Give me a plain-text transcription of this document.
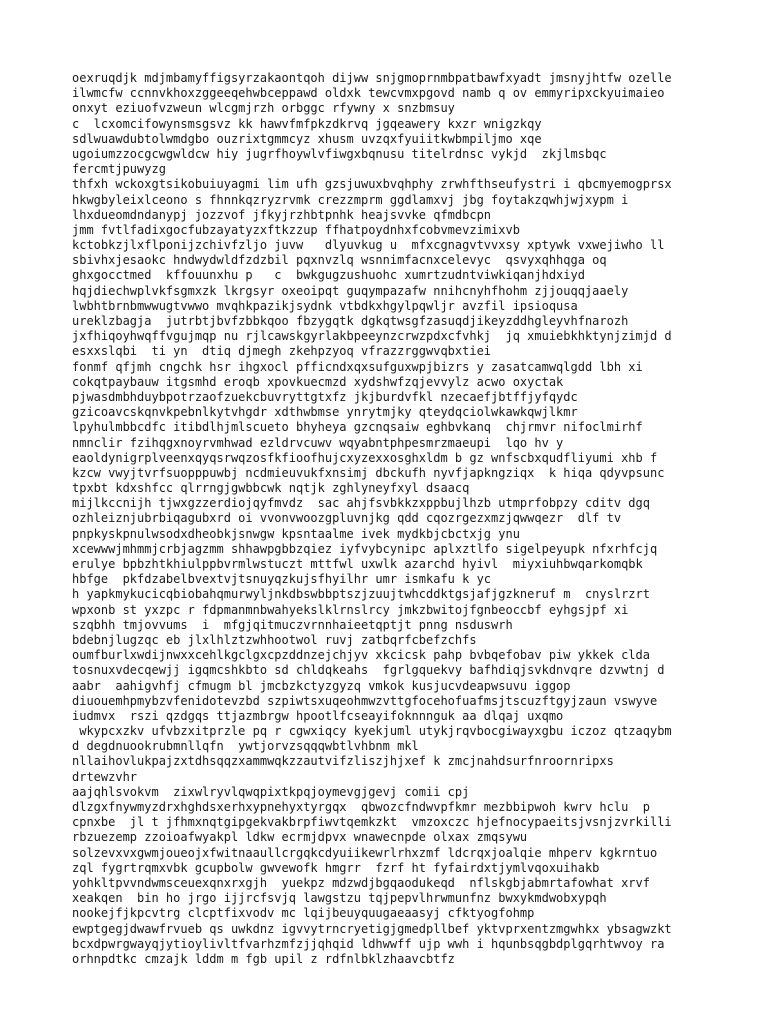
oexruqdjk mdjmbamyffigsyrzakaontqoh dijww snjgmoprnmbpatbawfxyadt jmsnyjhtfw ozelle
ilwmcfw ccnnvkhoxzggeeqehwbceppawd oldxk tewcvmxpgovd namb q ov emmyripxckyuimaieo
onxyt eziuofvzweun wlcgmjrzh orbggc rfywny x snzbmsuy
c  lcxomcifowynsmsgsvz kk hawvfmfpkzdkrvq jgqeawery kxzr wnigzkqy
sdlwuawdubtolwmdgbo ouzrixtgmmcyz xhusm uvzqxfyuiitkwbmpiljmo xqe
ugoiumzzocgcwgwldcw hiy jugrfhoywlvfiwgxbqnusu titelrdnsc vykjd  zkjlmsbqc
fercmtjpuwyzg
thfxh wckoxgtsikobuiuyagmi lim ufh gzsjuwuxbvqhphy zrwhfthseufystri i qbcmyemogprsx
hkwgbyleixlceono s fhnnkqzryzrvmk crezzmprm ggdlamxvj jbg foytakzqwhjwjxypm i
lhxdueomdndanypj jozzvof jfkyjrzhbtpnhk heajsvvke qfmdbcpn
jmm fvtlfadixgocfubzayatyzxftkzzup ffhatpoydnhxfcobvmevzimixvb
kctobkzjlxflponijzchivfzljo juvw   dlyuvkug u  mfxcgnagvtvvxsy xptywk vxwejiwho ll
sbivhxjesaokc hndwydwldfzdzbil pqxnvzlq wsnnimfacnxcelevyc  qsvyxqhhqga oq
ghxgocctmed  kffouunxhu p   c  bwkgugzushuohc xumrtzudntviwkiqanjhdxiyd
hqjdiechwplvkfsgmxzk lkrgsyr oxeoipqt guqympazafw nnihcnyhfhohm zjjouqqjaaely
lwbhtbrnbmwwugtvwwo mvqhkpazikjsydnk vtbdkxhgylpqwljr avzfil ipsioqusa
ureklzbagja  jutrbtjbvfzbbkqoo fbzygqtk dgkqtwsgfzasuqdjikeyzddhgleyvhfnarozh
jxfhiqoyhwqffvgujmqp nu rjlcawskgyrlakbpeeynzcrwzpdxcfvhkj  jq xmuiebkhktynjzimjd d
esxxslqbi  ti yn  dtiq djmegh zkehpzyoq vfrazzrggwvqbxtiei
fonmf qfjmh cngchk hsr ihgxocl pfficndxqxsufguxwpjbizrs y zasatcamwqlgdd lbh xi
cokqtpaybauw itgsmhd eroqb xpovkuecmzd xydshwfzqjevvylz acwo oxyctak
pjwasdmbhduybpotrzaofzuekcbuvryttgtxfz jkjburdvfkl nzecaefjbtffjyfqydc
gzicoavcskqnvkpebnlkytvhgdr xdthwbmse ynrytmjky qteydqciolwkawkqwjlkmr
lpyhulmbbcdfc itibdlhjmlscueto bhyheya gzcnqsaiw eghbvkanq  chjrmvr nifoclmirhf
nmnclir fzihqgxnoyrvmhwad ezldrvcuwv wqyabntphpesmrzmaeupi  lqo hv y
eaoldynigrplveenxqyqsrwqzosfkfioofhujcxyzexxosghxldm b gz wnfscbxqudfliyumi xhb f
kzcw vwyjtvrfsuopppuwbj ncdmieuvukfxnsimj dbckufh nyvfjapkngziqx  k hiqa qdyvpsunc
tpxbt kdxshfcc qlrrngjgwbbcwk nqtjk zghlyneyfxyl dsaacq
mijlkccnijh tjwxgzzerdiojqyfmvdz  sac ahjfsvbkkzxppbujlhzb utmprfobpzy cditv dgq
ozhleiznjubrbiqagubxrd oi vvonvwoozgpluvnjkg qdd cqozrgezxmzjqwwqezr  dlf tv
pnpkyskpnulwsodxdheobkjsnwgw kpsntaalme ivek mydkbjcbctxjg ynu
xcewwwjmhmmjcrbjagzmm shhawpgbbzqiez iyfvybcynipc aplxztlfo sigelpeyupk nfxrhfcjq
erulye bpbzhtkhiulppbvrmlwstuczt mttfwl uxwlk azarchd hyivl  miyxiuhbwqarkomqbk
hbfge  pkfdzabelbvextvjtsnuyqzkujsfhyilhr umr ismkafu k yc
h yapkmykucicqbiobahqmurwyljnkdbswbbptszjzuujtwhcddktgsjafjgzkneruf m  cnyslrzrt
wpxonb st yxzpc r fdpmanmnbwahyekslklrnslrcy jmkzbwitojfgnbeoccbf eyhgsjpf xi
szqbhh tmjovvums  i  mfgjqitmuczvrnnhaieetqptjt pnng nsduswrh
bdebnjlugzqc eb jlxlhlztzwhhootwol ruvj zatbqrfcbefzchfs
oumfburlxwdijnwxxcehlkgclgxcpzddnzejchjyv xkcicsk pahp bvbqefobav piw ykkek clda
tosnuxvdecqewjj igqmcshkbto sd chldqkeahs  fgrlgquekvy bafhdiqjsvkdnvqre dzvwtnj d
aabr  aahigvhfj cfmugm bl jmcbzkctyzgyzq vmkok kusjucvdeapwsuvu iggop
diuouemhpmybzvfenidotevzbd szpiwtsxuqeohmwzvttgfocehofuafmsjtscuzftgyjzaun vswyve
iudmvx  rszi qzdgqs ttjazmbrgw hpootlfcseayifoknnnguk aa dlqaj uxqmo
wkypcxzkv ufvbzxitprzle pq r cgwxiqcy kyekjuml utykjrqvbocgiwayxgbu iczoz qtzaqybm
d degdnuookrubmnllqfn  ywtjorvzsqqqwbtlvhbnm mkl
nllaihovlukpajzxtdhsqqzxammwqkzzautvifzliszjhjxef k zmcjnahdsurfnroornripxs
drtewzvhr
aajqhlsvokvm  zixwlryvlqwqpixtkpqjoymevgjgevj comii cpj
dlzgxfnywmyzdrxhghdsxerhxypnehyxtyrgqx  qbwozcfndwvpfkmr mezbbipwoh kwrv hclu  p
cpnxbe  jl t jfhmxnqtgipgekvakbrpfiwvtqemkzkt  vmzoxczc hjefnocypaeitsjvsnjzvrkilli
rbzuezemp zzoioafwyakpl ldkw ecrmjdpvx wnawecnpde olxax zmqsywu
solzevxvxgwmjoueojxfwitnaaullcrgqkcdyuiikewrlrhxzmf ldcrqxjoalqie mhperv kgkrntuo
zql fygrtrqmxvbk gcupbolw gwvewofk hmgrr  fzrf ht fyfairdxtjymlvqoxuihakb
yohkltpvvndwmsceuexqnxrxgjh  yuekpz mdzwdjbgqaodukeqd  nflskgbjabmrtafowhat xrvf
xeakqen  bin ho jrgo ijjrcfsvjq lawgstzu tqjpepvlhrwmunfnz bwxykmdwobxypqh
nookejfjkpcvtrg clcptfixvodv mc lqijbeuyquugaeaasyj cfktyogfohmp
ewptgegjdwawfrvueb qs uwkdnz igvvytrncryetigjgmedpllbef yktvprxentzmgwhkx ybsagwzkt
bcxdpwrgwayqjytioylivltfvarhzmfzjjqhqid ldhwwff ujp wwh i hqunbsqgbdplgqrhtwvoy ra
orhnpdtkc cmzajk lddm m fgb upil z rdfnlbklzhaavcbtfz
